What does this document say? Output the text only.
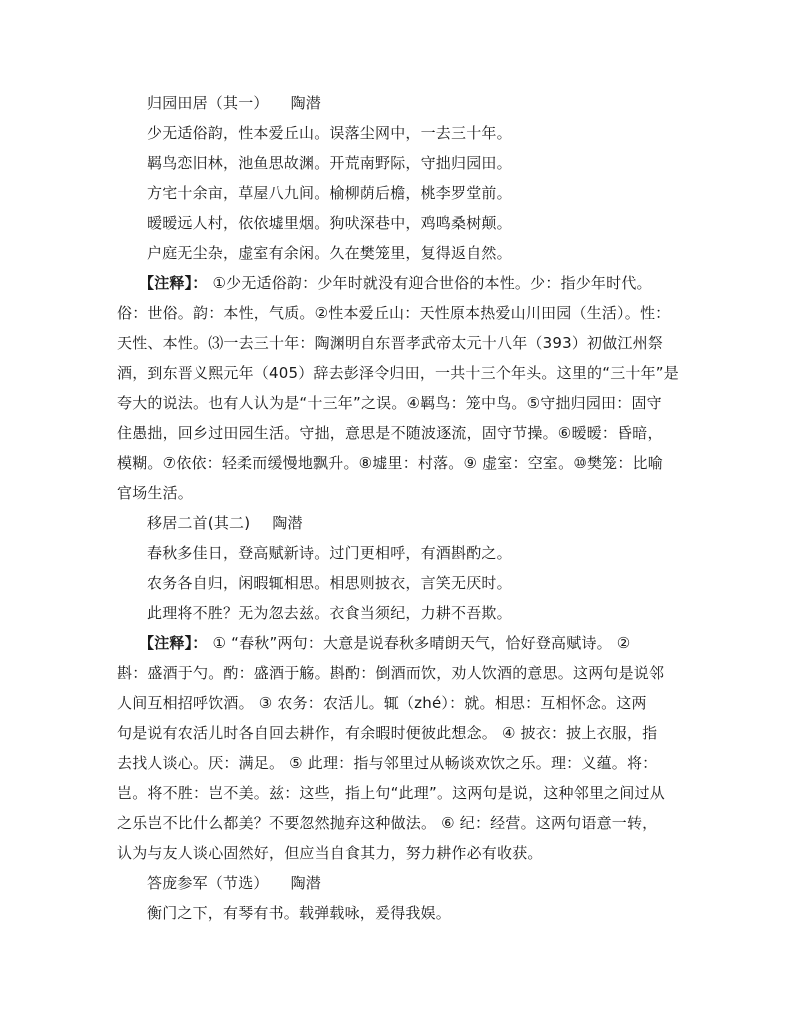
归园田居（其一） 陶潜
少无适俗韵，性本爱丘山。误落尘网中，一去三十年。
羁鸟恋旧林，池鱼思故渊。开荒南野际，守拙归园田。
方宅十余亩，草屋八九间。榆柳荫后檐，桃李罗堂前。
暧暧远人村，依依墟里烟。狗吠深巷中，鸡鸣桑树颠。
户庭无尘杂，虚室有余闲。久在樊笼里，复得返自然。
【注释】： ①少无适俗韵：少年时就没有迎合世俗的本性。少：指少年时代。
俗：世俗。韵：本性，气质。②性本爱丘山：天性原本热爱山川田园（生活）。性：
天性、本性。⑶一去三十年：陶渊明自东晋孝武帝太元十八年（393）初做江州祭
酒，到东晋义熙元年（405）辞去彭泽令归田，一共十三个年头。这里的“三十年”是
夸大的说法。也有人认为是“十三年”之误。④羁鸟：笼中鸟。⑤守拙归园田：固守
住愚拙，回乡过田园生活。守拙，意思是不随波逐流，固守节操。⑥暧暧：昏暗，
模糊。⑦依依：轻柔而缓慢地飘升。⑧墟里：村落。⑨ 虚室：空室。⑩樊笼：比喻
官场生活。
移居二首(其二) 陶潜
春秋多佳日，登高赋新诗。过门更相呼，有酒斟酌之。
农务各自归，闲暇辄相思。相思则披衣，言笑无厌时。
此理将不胜？无为忽去兹。衣食当须纪，力耕不吾欺。
【注释】： ① “春秋”两句：大意是说春秋多晴朗天气，恰好登高赋诗。 ②
斟：盛酒于勺。酌：盛酒于觞。斟酌：倒酒而饮，劝人饮酒的意思。这两句是说邻
人间互相招呼饮酒。 ③ 农务：农活儿。辄（zhé）：就。相思：互相怀念。这两
句是说有农活儿时各自回去耕作，有余暇时便彼此想念。 ④ 披衣：披上衣服，指
去找人谈心。厌：满足。 ⑤ 此理：指与邻里过从畅谈欢饮之乐。理：义蕴。将：
岂。将不胜：岂不美。兹：这些，指上句“此理”。这两句是说，这种邻里之间过从
之乐岂不比什么都美？不要忽然抛弃这种做法。 ⑥ 纪：经营。这两句语意一转，
认为与友人谈心固然好，但应当自食其力，努力耕作必有收获。
答庞参军（节选） 陶潜
衡门之下，有琴有书。载弹载咏，爰得我娱。
